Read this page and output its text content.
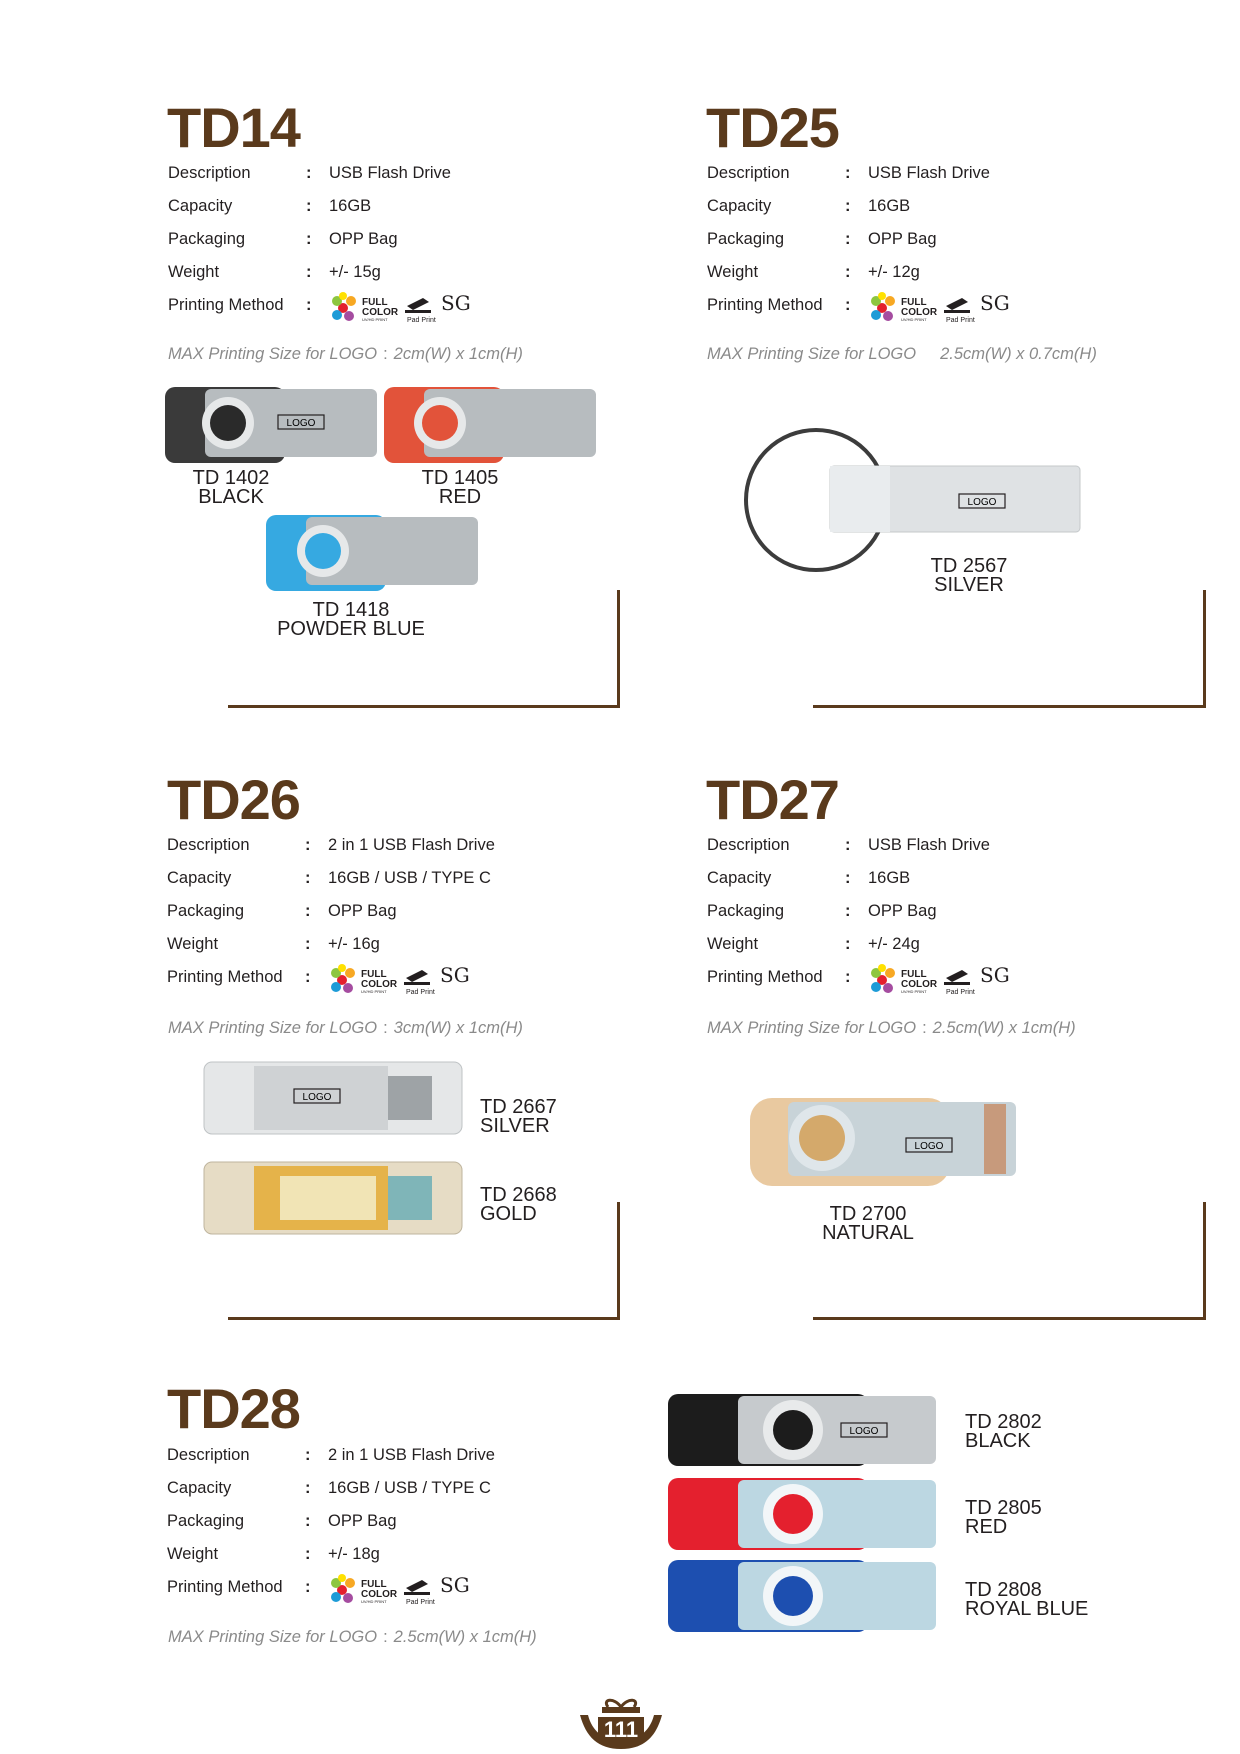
TD14
Description	: USB Flash Drive
Capacity	: 16GB
Packaging	: OPP Bag
Weight	: +/- 15g
Printing Method :	FULL
COLOR
UV/HD PRINT	Pad Print
SG
MAX Printing Size for LOGO : 2cm(W) x 1cm(H)
LOGO
TD 1402
BLACK
TD 1405
RED
TD 1418
POWDER BLUE
TD25
Description	: USB Flash Drive
Capacity	: 16GB
Packaging	: OPP Bag
Weight	: +/- 12g
Printing Method :	FULL
COLOR
UV/HD PRINT	Pad Print
SG
MAX Printing Size for LOGO 2.5cm(W) x 0.7cm(H)
LOGO
TD 2567
SILVER
TD26
Description	: 2 in 1 USB Flash Drive
Capacity	: 16GB / USB / TYPE C
Packaging	: OPP Bag
Weight	: +/- 16g
Printing Method :	FULL
COLOR
UV/HD PRINT	Pad Print
SG
MAX Printing Size for LOGO : 3cm(W) x 1cm(H)
LOGO	TD 2667
SILVER
TD 2668
GOLD
TD27
Description	: USB Flash Drive
Capacity	: 16GB
Packaging	: OPP Bag
Weight	: +/- 24g
Printing Method :	FULL
COLOR
UV/HD PRINT	Pad Print
SG
MAX Printing Size for LOGO : 2.5cm(W) x 1cm(H)
LOGO
TD 2700
NATURAL
TD28
Description	: 2 in 1 USB Flash Drive
Capacity	: 16GB / USB / TYPE C
Packaging	: OPP Bag
Weight	: +/- 18g
Printing Method :	FULL
COLOR
UV/HD PRINT	Pad Print
SG
MAX Printing Size for LOGO : 2.5cm(W) x 1cm(H)
LOGO	TD 2802
BLACK
TD 2805
RED
TD 2808
ROYAL BLUE
111
